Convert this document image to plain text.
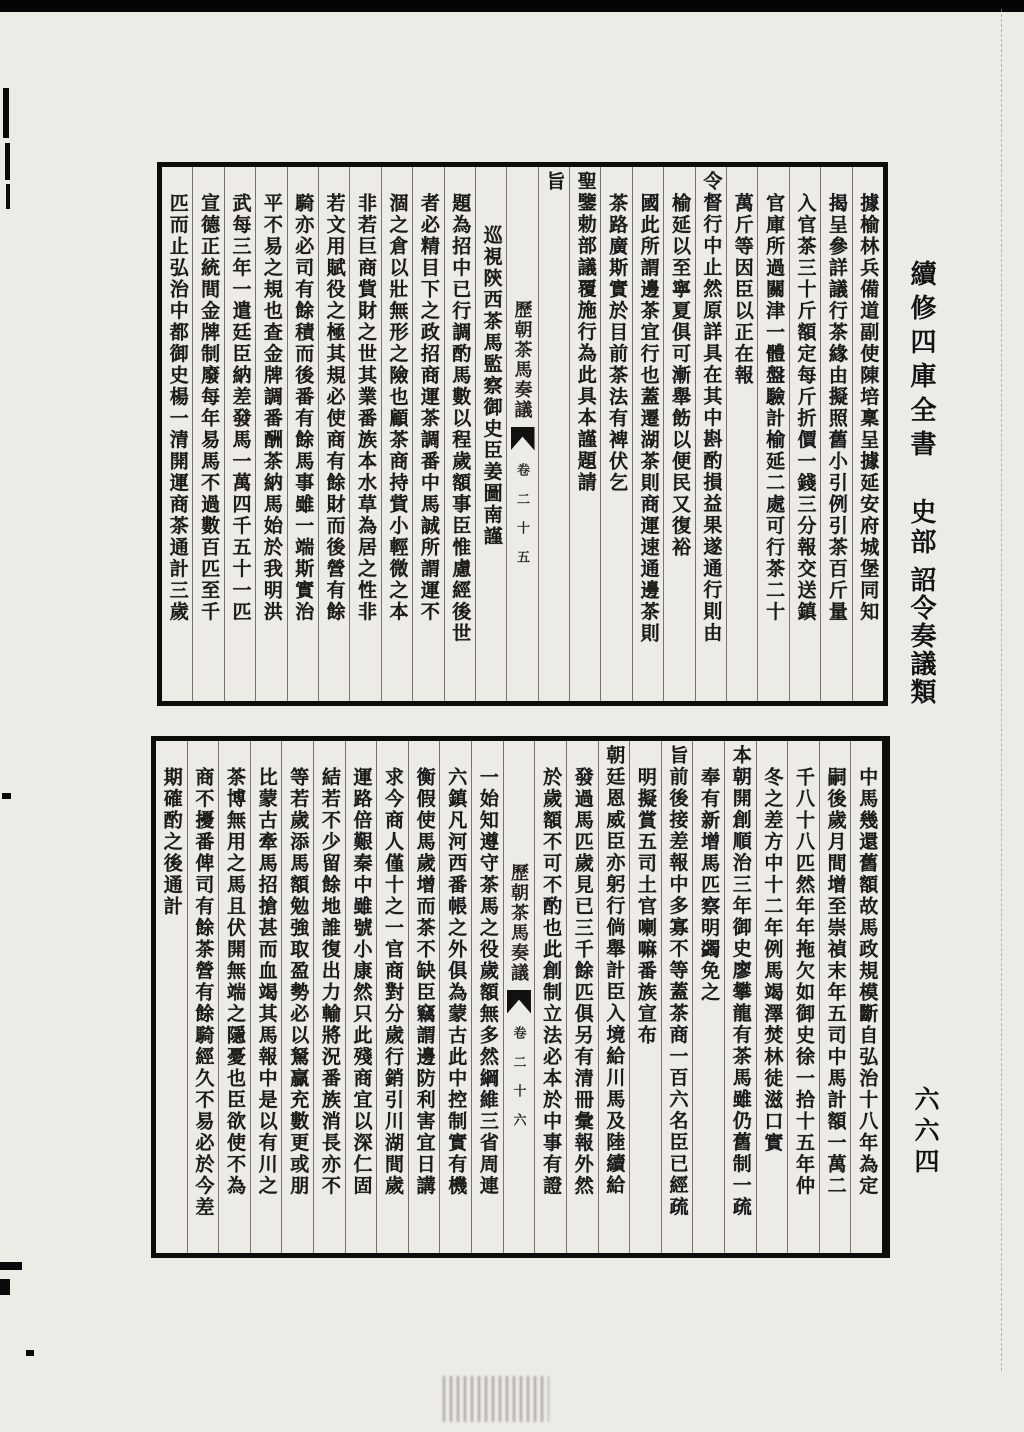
續修四庫全書
史部
詔令奏議類
六六四
據榆林兵備道副使陳培稟呈據延安府城堡同知
揭呈參詳議行茶緣由擬照舊小引例引茶百斤量
入官茶三十斤額定每斤折價一錢三分報交送鎮
官庫所過關津一體盤驗計榆延二處可行茶二十
萬斤等因臣以正在報
令督行中止然原詳具在其中斟酌損益果遂通行則由
榆延以至寧夏俱可漸舉飭以便民又復裕
國此所謂邊茶宜行也蓋遷湖茶則商運速通邊茶則
茶路廣斯實於目前茶法有裨伏乞
聖鑒勅部議覆施行為此具本謹題請
旨
歷朝茶馬奏議
卷二十五
巡視陝西茶馬監察御史臣姜圖南謹
題為招中已行調酌馬數以程歲額事臣惟慮經後世
者必精目下之政招商運茶調番中馬誠所謂運不
涸之倉以壯無形之險也顧茶商持貲小輕微之本
非若巨商貲財之世其業番族本水草為居之性非
若文用賦役之極其規必使商有餘財而後營有餘
騎亦必司有餘積而後番有餘馬事雖一端斯實治
平不易之規也查金牌調番酬茶納馬始於我明洪
武每三年一遣廷臣納差發馬一萬四千五十一匹
宣德正統間金牌制廢每年易馬不過數百匹至千
匹而止弘治中都御史楊一清開運商茶通計三歲
中馬幾還舊額故馬政規模斷自弘治十八年為定
嗣後歲月間增至崇禎末年五司中馬計額一萬二
千八十八匹然年年拖欠如御史徐一拾十五年仲
冬之差方中十二年例馬竭澤焚林徒滋口實
本朝開創順治三年御史廖攀龍有茶馬雖仍舊制一疏
奉有新增馬匹察明蠲免之
旨前後接差報中多寡不等蓋茶商一百六名臣已經疏
明擬賞五司土官喇嘛番族宣布
朝廷恩威臣亦躬行倘舉計臣入境給川馬及陸續給
發過馬匹歲見已三千餘匹俱另有清冊彙報外然
於歲額不可不酌也此創制立法必本於中事有證
歷朝茶馬奏議
卷二十六
一始知遵守茶馬之役歲額無多然綱維三省周連
六鎮凡河西番帳之外俱為蒙古此中控制實有機
衡假使馬歲增而茶不缺臣竊謂邊防利害宜日講
求今商人僅十之一官商對分歲行銷引川湖間歲
運路倍艱秦中雖號小康然只此殘商宜以深仁固
結若不少留餘地誰復出力輸將況番族消長亦不
等若歲添馬額勉強取盈勢必以駑贏充數更或朋
比蒙古牽馬招搶甚而血竭其馬報中是以有川之
茶博無用之馬且伏開無端之隱憂也臣欲使不為
商不擾番俾司有餘茶營有餘騎經久不易必於今差
期確酌之後通計
